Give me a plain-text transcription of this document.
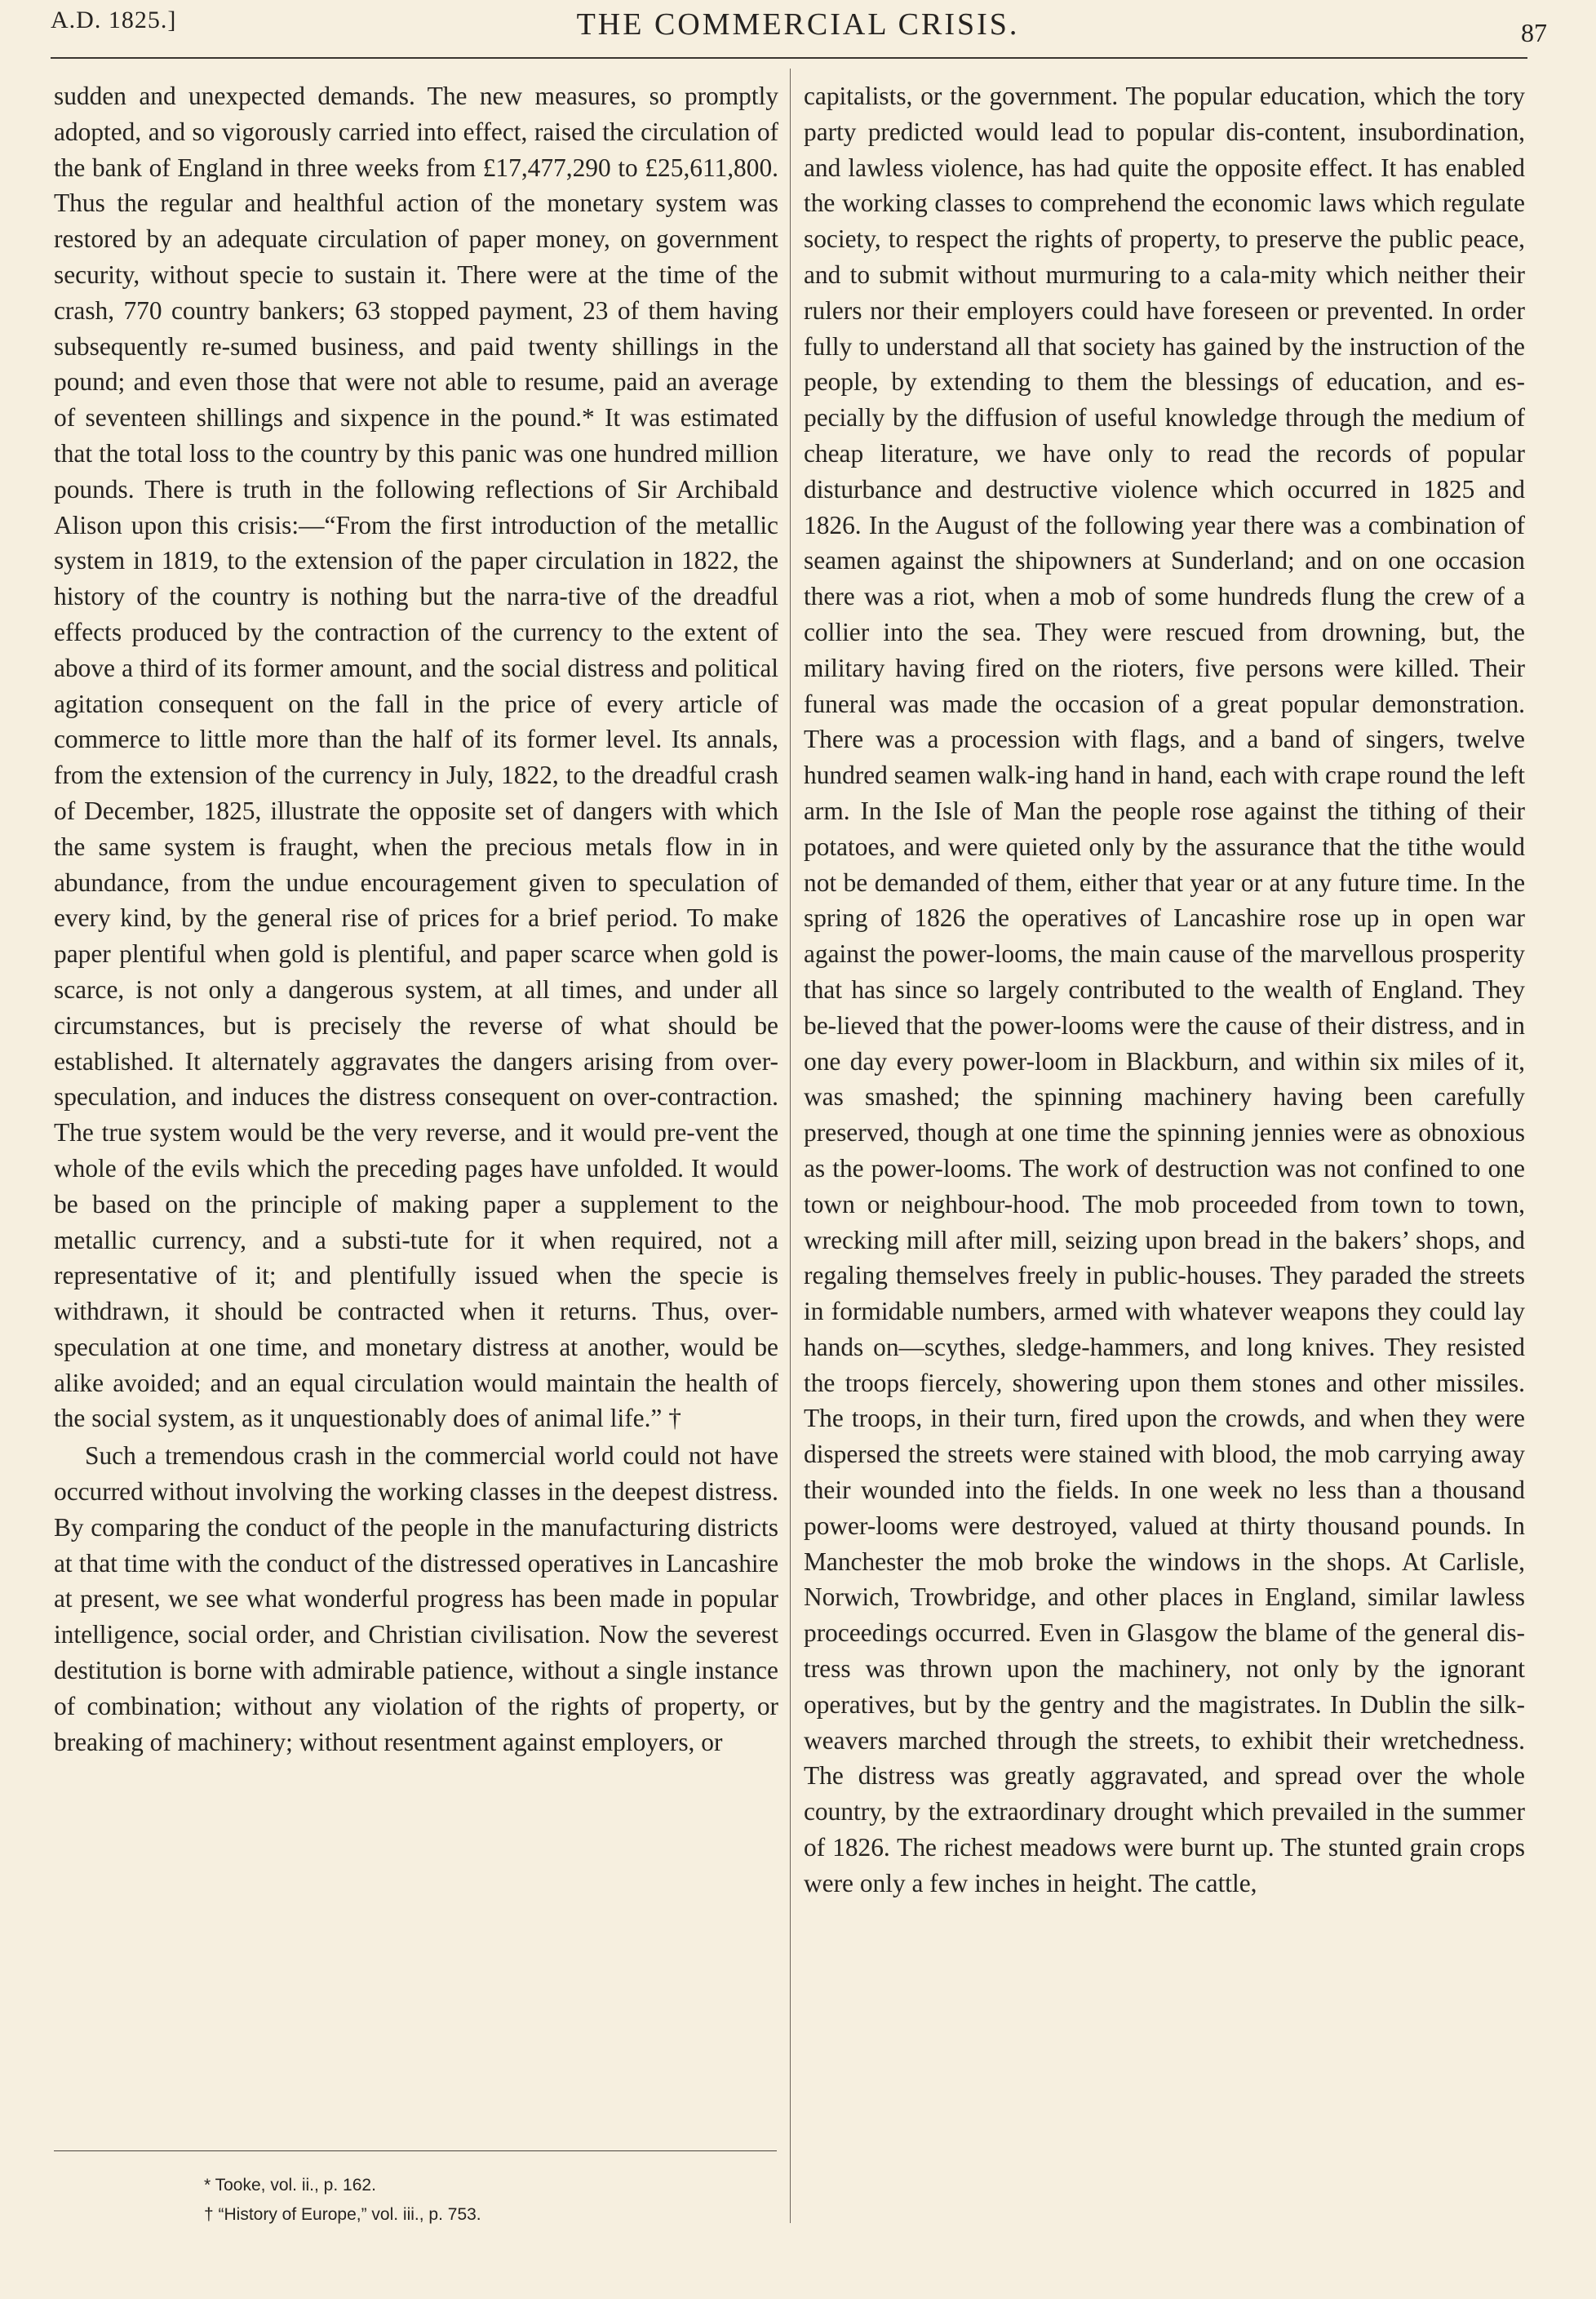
A.D. 1825.]	THE COMMERCIAL CRISIS.	87

sudden and unexpected demands. The new measures, so promptly adopted, and so vigorously carried into effect, raised the circulation of the bank of England in three weeks from £17,477,290 to £25,611,800. Thus the regular and healthful action of the monetary system was restored by an adequate circulation of paper money, on government security, without specie to sustain it. There were at the time of the crash, 770 country bankers; 63 stopped payment, 23 of them having subsequently re-sumed business, and paid twenty shillings in the pound; and even those that were not able to resume, paid an average of seventeen shillings and sixpence in the pound.* It was estimated that the total loss to the country by this panic was one hundred million pounds. There is truth in the following reflections of Sir Archibald Alison upon this crisis:—“From the first introduction of the metallic system in 1819, to the extension of the paper circulation in 1822, the history of the country is nothing but the narra-tive of the dreadful effects produced by the contraction of the currency to the extent of above a third of its former amount, and the social distress and political agitation consequent on the fall in the price of every article of commerce to little more than the half of its former level. Its annals, from the extension of the currency in July, 1822, to the dreadful crash of December, 1825, illustrate the opposite set of dangers with which the same system is fraught, when the precious metals flow in in abundance, from the undue encouragement given to speculation of every kind, by the general rise of prices for a brief period. To make paper plentiful when gold is plentiful, and paper scarce when gold is scarce, is not only a dangerous system, at all times, and under all circumstances, but is precisely the reverse of what should be established. It alternately aggravates the dangers arising from over-speculation, and induces the distress consequent on over-contraction. The true system would be the very reverse, and it would pre-vent the whole of the evils which the preceding pages have unfolded. It would be based on the principle of making paper a supplement to the metallic currency, and a substi-tute for it when required, not a representative of it; and plentifully issued when the specie is withdrawn, it should be contracted when it returns. Thus, over-speculation at one time, and monetary distress at another, would be alike avoided; and an equal circulation would maintain the health of the social system, as it unquestionably does of animal life.” †

Such a tremendous crash in the commercial world could not have occurred without involving the working classes in the deepest distress. By comparing the conduct of the people in the manufacturing districts at that time with the conduct of the distressed operatives in Lancashire at present, we see what wonderful progress has been made in popular intelligence, social order, and Christian civilisation. Now the severest destitution is borne with admirable patience, without a single instance of combination; without any violation of the rights of property, or breaking of machinery; without resentment against employers, or

capitalists, or the government. The popular education, which the tory party predicted would lead to popular dis-content, insubordination, and lawless violence, has had quite the opposite effect. It has enabled the working classes to comprehend the economic laws which regulate society, to respect the rights of property, to preserve the public peace, and to submit without murmuring to a cala-mity which neither their rulers nor their employers could have foreseen or prevented. In order fully to understand all that society has gained by the instruction of the people, by extending to them the blessings of education, and es-pecially by the diffusion of useful knowledge through the medium of cheap literature, we have only to read the records of popular disturbance and destructive violence which occurred in 1825 and 1826. In the August of the following year there was a combination of seamen against the shipowners at Sunderland; and on one occasion there was a riot, when a mob of some hundreds flung the crew of a collier into the sea. They were rescued from drowning, but, the military having fired on the rioters, five persons were killed. Their funeral was made the occasion of a great popular demonstration. There was a procession with flags, and a band of singers, twelve hundred seamen walk-ing hand in hand, each with crape round the left arm. In the Isle of Man the people rose against the tithing of their potatoes, and were quieted only by the assurance that the tithe would not be demanded of them, either that year or at any future time. In the spring of 1826 the operatives of Lancashire rose up in open war against the power-looms, the main cause of the marvellous prosperity that has since so largely contributed to the wealth of England. They be-lieved that the power-looms were the cause of their distress, and in one day every power-loom in Blackburn, and within six miles of it, was smashed; the spinning machinery having been carefully preserved, though at one time the spinning jennies were as obnoxious as the power-looms. The work of destruction was not confined to one town or neighbour-hood. The mob proceeded from town to town, wrecking mill after mill, seizing upon bread in the bakers’ shops, and regaling themselves freely in public-houses. They paraded the streets in formidable numbers, armed with whatever weapons they could lay hands on—scythes, sledge-hammers, and long knives. They resisted the troops fiercely, showering upon them stones and other missiles. The troops, in their turn, fired upon the crowds, and when they were dispersed the streets were stained with blood, the mob carrying away their wounded into the fields. In one week no less than a thousand power-looms were destroyed, valued at thirty thousand pounds. In Manchester the mob broke the windows in the shops. At Carlisle, Norwich, Trowbridge, and other places in England, similar lawless proceedings occurred. Even in Glasgow the blame of the general dis-tress was thrown upon the machinery, not only by the ignorant operatives, but by the gentry and the magistrates. In Dublin the silk-weavers marched through the streets, to exhibit their wretchedness. The distress was greatly aggravated, and spread over the whole country, by the extraordinary drought which prevailed in the summer of 1826. The richest meadows were burnt up. The stunted grain crops were only a few inches in height. The cattle,

* Tooke, vol. ii., p. 162.

† “History of Europe,” vol. iii., p. 753.
